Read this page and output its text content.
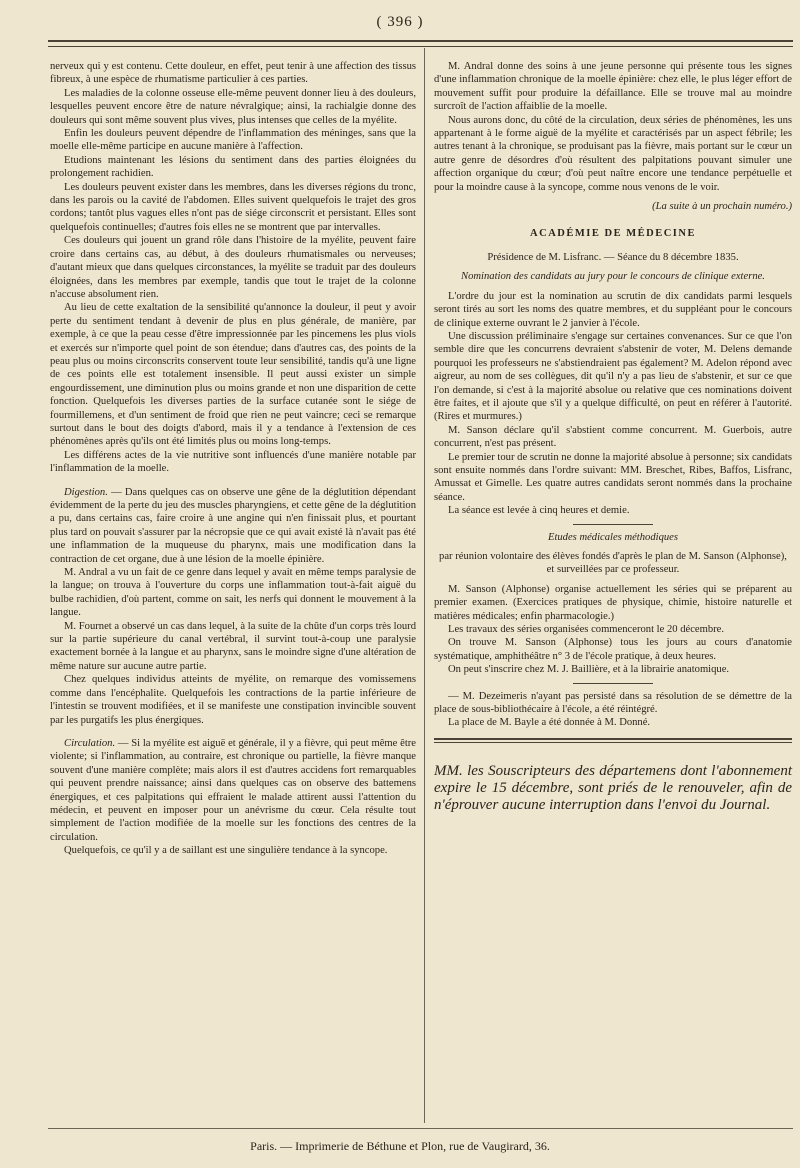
( 396 )

nerveux qui y est contenu. Cette douleur, en effet, peut tenir à une affection des tissus fibreux, à une espèce de rhumatisme particulier à ces parties.

Les maladies de la colonne osseuse elle-même peuvent donner lieu à des douleurs, lesquelles peuvent encore être de nature névralgique; ainsi, la rachialgie donne des douleurs qui sont même souvent plus vives, plus intenses que celles de la myélite.

Enfin les douleurs peuvent dépendre de l'inflammation des méninges, sans que la moelle elle-même participe en aucune manière à l'affection.

Etudions maintenant les lésions du sentiment dans des parties éloignées du prolongement rachidien.

Les douleurs peuvent exister dans les membres, dans les diverses régions du tronc, dans les parois ou la cavité de l'abdomen. Elles suivent quelquefois le trajet des gros cordons; tantôt plus vagues elles n'ont pas de siége circonscrit et persistant. Elles sont quelquefois continuelles; d'autres fois elles ne se montrent que par intervalles.

Ces douleurs qui jouent un grand rôle dans l'histoire de la myélite, peuvent faire croire dans certains cas, au début, à des douleurs rhumatismales ou nerveuses; d'autant mieux que dans quelques circonstances, la myélite se traduit par des douleurs éloignées, dans les membres par exemple, tandis que tout le trajet de la colonne n'accuse absolument rien.

Au lieu de cette exaltation de la sensibilité qu'annonce la douleur, il peut y avoir perte du sentiment tendant à devenir de plus en plus générale, de manière, par exemple, à ce que la peau cesse d'être impressionnée par les pincemens les plus viols et exercés sur n'importe quel point de son étendue; dans d'autres cas, des points de la peau plus ou moins circonscrits conservent toute leur sensibilité, tandis qu'à une ligne de ces points elle est totalement insensible. Il peut aussi exister un simple engourdissement, une diminution plus ou moins grande et non une disparition de cette fonction. Quelquefois les diverses parties de la surface cutanée sont le siége de fourmillemens, et d'un sentiment de froid que rien ne peut vaincre; ceci se remarque surtout dans le bout des doigts d'abord, mais il y a tendance à l'extension de ces phénomènes après qu'ils ont été limités plus ou moins long-temps.

Les différens actes de la vie nutritive sont influencés d'une manière notable par l'inflammation de la moelle.

Digestion. — Dans quelques cas on observe une gêne de la déglutition dépendant évidemment de la perte du jeu des muscles pharyngiens, et cette gêne de la déglutition a pu, dans certains cas, faire croire à une angine qui n'en finissait plus, et pourtant plus tard on pouvait s'assurer par la nécropsie que ce qui avait existé là n'avait pas été une inflammation de la muqueuse du pharynx, mais une modification dans la contraction de cet organe, due à une lésion de la moelle épinière.

M. Andral a vu un fait de ce genre dans lequel y avait en même temps paralysie de la langue; on trouva à l'ouverture du corps une inflammation tout-à-fait aiguë du bulbe rachidien, d'où partent, comme on sait, les nerfs qui donnent le mouvement à la langue.

M. Fournet a observé un cas dans lequel, à la suite de la chûte d'un corps très lourd sur la partie supérieure du canal vertébral, il survint tout-à-coup une paralysie exactement bornée à la langue et au pharynx, sans le moindre signe d'une altération de même nature sur aucune autre partie.

Chez quelques individus atteints de myélite, on remarque des vomissemens comme dans l'encéphalite. Quelquefois les contractions de la partie inférieure de l'intestin se trouvent modifiées, et il se manifeste une constipation invincible souvent par les purgatifs les plus énergiques.

Circulation. — Si la myélite est aiguë et générale, il y a fièvre, qui peut même être violente; si l'inflammation, au contraire, est chronique ou partielle, la fièvre manque souvent d'une manière complète; mais alors il est d'autres accidens fort remarquables qui peuvent prendre naissance; ainsi dans quelques cas on observe des battemens énergiques, et ces palpitations qui effraient le malade attirent aussi l'attention du médecin, et peuvent en imposer pour un anévrisme du cœur. Cela résulte tout simplement de l'action modifiée de la moelle sur les fonctions des centres de la circulation.

Quelquefois, ce qu'il y a de saillant est une singulière tendance à la syncope.

M. Andral donne des soins à une jeune personne qui présente tous les signes d'une inflammation chronique de la moelle épinière: chez elle, le plus léger effort de mouvement suffit pour produire la défaillance. Elle se trouve mal au moindre surcroît de l'action affaiblie de la moelle.

Nous aurons donc, du côté de la circulation, deux séries de phénomènes, les uns appartenant à le forme aiguë de la myélite et caractérisés par un aspect fébrile; les autres tenant à la chronique, se produisant pas la fièvre, mais portant sur le cœur un autre genre de désordres d'où résultent des palpitations pouvant simuler une affection organique du cœur; d'où peut naître encore une tendance perpétuelle et pour la moindre cause à la syncope, comme nous venons de le voir.

(La suite à un prochain numéro.)

ACADÉMIE DE MÉDECINE

Présidence de M. Lisfranc. — Séance du 8 décembre 1835.

Nomination des candidats au jury pour le concours de clinique externe.

L'ordre du jour est la nomination au scrutin de dix candidats parmi lesquels seront tirés au sort les noms des quatre membres, et du suppléant pour le concours de clinique externe ouvrant le 2 janvier à l'école.

Une discussion préliminaire s'engage sur certaines convenances. Sur ce que l'on semble dire que les concurrens devraient s'abstenir de voter, M. Delens demande pourquoi les professeurs ne s'abstiendraient pas également? M. Adelon répond avec aigreur, au nom de ses collègues, dit qu'il n'y a pas lieu de s'abstenir, et sur ce que l'on demande, si c'est à la majorité absolue ou relative que ces nominations doivent être faites, et il ajoute que s'il y a quelque difficulté, on peut en référer à l'autorité. (Rires et murmures.)

M. Sanson déclare qu'il s'abstient comme concurrent. M. Guerbois, autre concurrent, n'est pas présent.

Le premier tour de scrutin ne donne la majorité absolue à personne; six candidats sont ensuite nommés dans l'ordre suivant: MM. Breschet, Ribes, Baffos, Lisfranc, Amussat et Gimelle. Les quatre autres candidats seront nommés dans la prochaine séance.

La séance est levée à cinq heures et demie.

Etudes médicales méthodiques

par réunion volontaire des élèves fondés d'après le plan de M. Sanson (Alphonse), et surveillées par ce professeur.

M. Sanson (Alphonse) organise actuellement les séries qui se préparent au premier examen. (Exercices pratiques de physique, chimie, histoire naturelle et matières médicales; enfin pharmacologie.)

Les travaux des séries organisées commenceront le 20 décembre.

On trouve M. Sanson (Alphonse) tous les jours au cours d'anatomie systématique, amphithéâtre n° 3 de l'école pratique, à deux heures.

On peut s'inscrire chez M. J. Baillière, et à la librairie anatomique.

— M. Dezeimeris n'ayant pas persisté dans sa résolution de se démettre de la place de sous-bibliothécaire à l'école, a été réintégré.

La place de M. Bayle a été donnée à M. Donné.

MM. les Souscripteurs des départemens dont l'abonnement expire le 15 décembre, sont priés de le renouveler, afin de n'éprouver aucune interruption dans l'envoi du Journal.
Paris. — Imprimerie de Béthune et Plon, rue de Vaugirard, 36.
